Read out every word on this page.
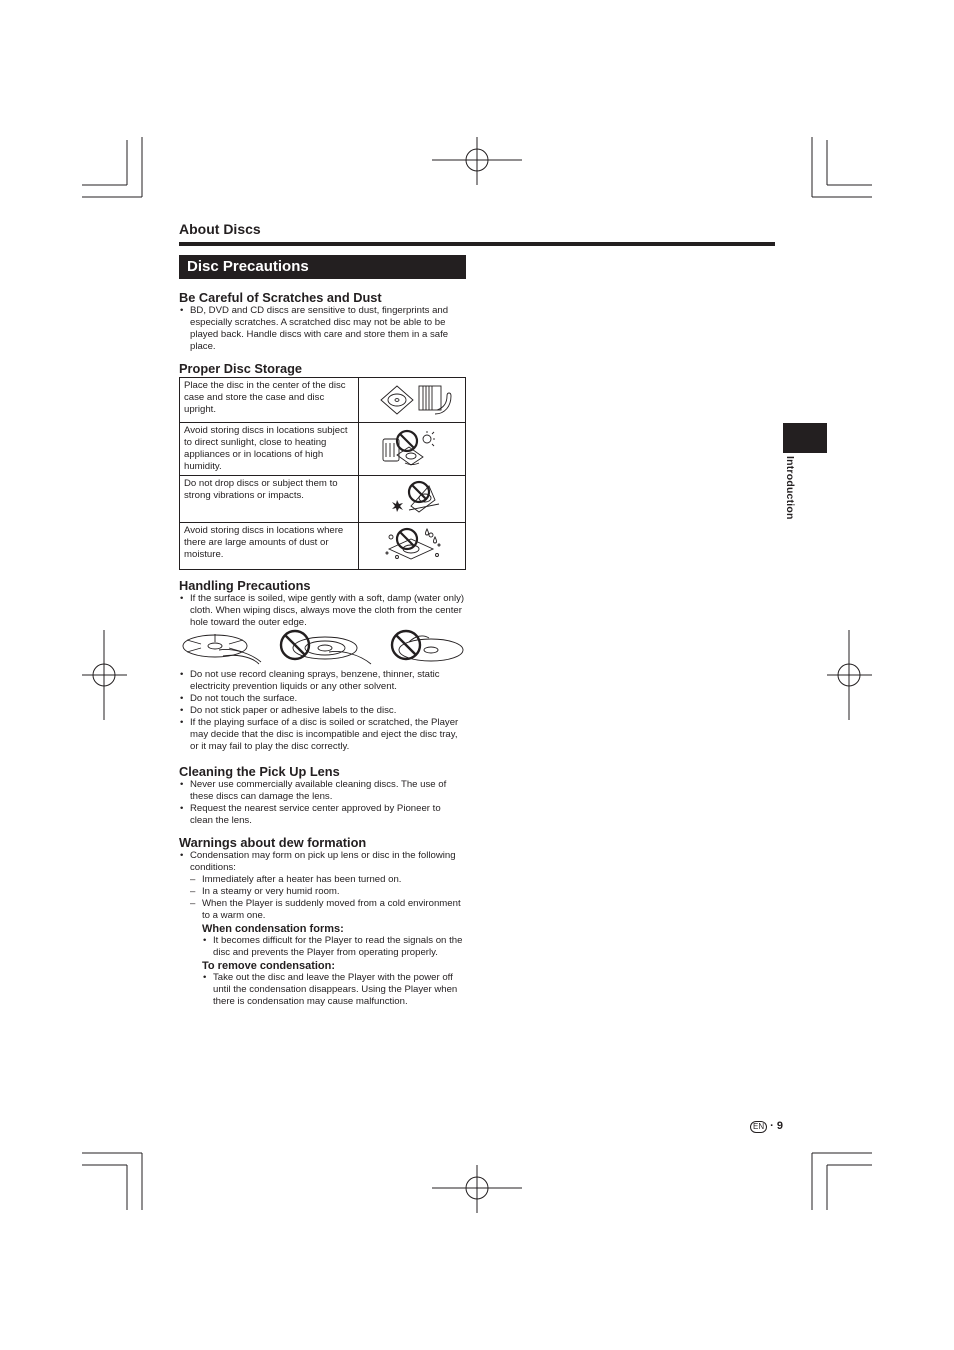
About Discs
Disc Precautions

Be Careful of Scratches and Dust

• BD, DVD and CD discs are sensitive to dust, fingerprints and especially scratches. A scratched disc may not be able to be played back. Handle discs with care and store them in a safe place.

Proper Disc Storage

Place the disc in the center of the disc case and store the case and disc upright.	
Avoid storing discs in locations subject to direct sunlight, close to heating appliances or in locations of high humidity.	
Do not drop discs or subject them to strong vibrations or impacts.	
Avoid storing discs in locations where there are large amounts of dust or moisture.	

Handling Precautions

• If the surface is soiled, wipe gently with a soft, damp (water only) cloth. When wiping discs, always move the cloth from the center hole toward the outer edge.
• Do not use record cleaning sprays, benzene, thinner, static electricity prevention liquids or any other solvent.
• Do not touch the surface.
• Do not stick paper or adhesive labels to the disc.
• If the playing surface of a disc is soiled or scratched, the Player may decide that the disc is incompatible and eject the disc tray, or it may fail to play the disc correctly.

Cleaning the Pick Up Lens

• Never use commercially available cleaning discs. The use of these discs can damage the lens.
• Request the nearest service center approved by Pioneer to clean the lens.

Warnings about dew formation

• Condensation may form on pick up lens or disc in the following conditions:
– Immediately after a heater has been turned on.
– In a steamy or very humid room.
– When the Player is suddenly moved from a cold environment to a warm one.

When condensation forms:

• It becomes difficult for the Player to read the signals on the disc and prevents the Player from operating properly.

To remove condensation:

• Take out the disc and leave the Player with the power off until the condensation disappears. Using the Player when there is condensation may cause malfunction.
Introduction
EN · 9
